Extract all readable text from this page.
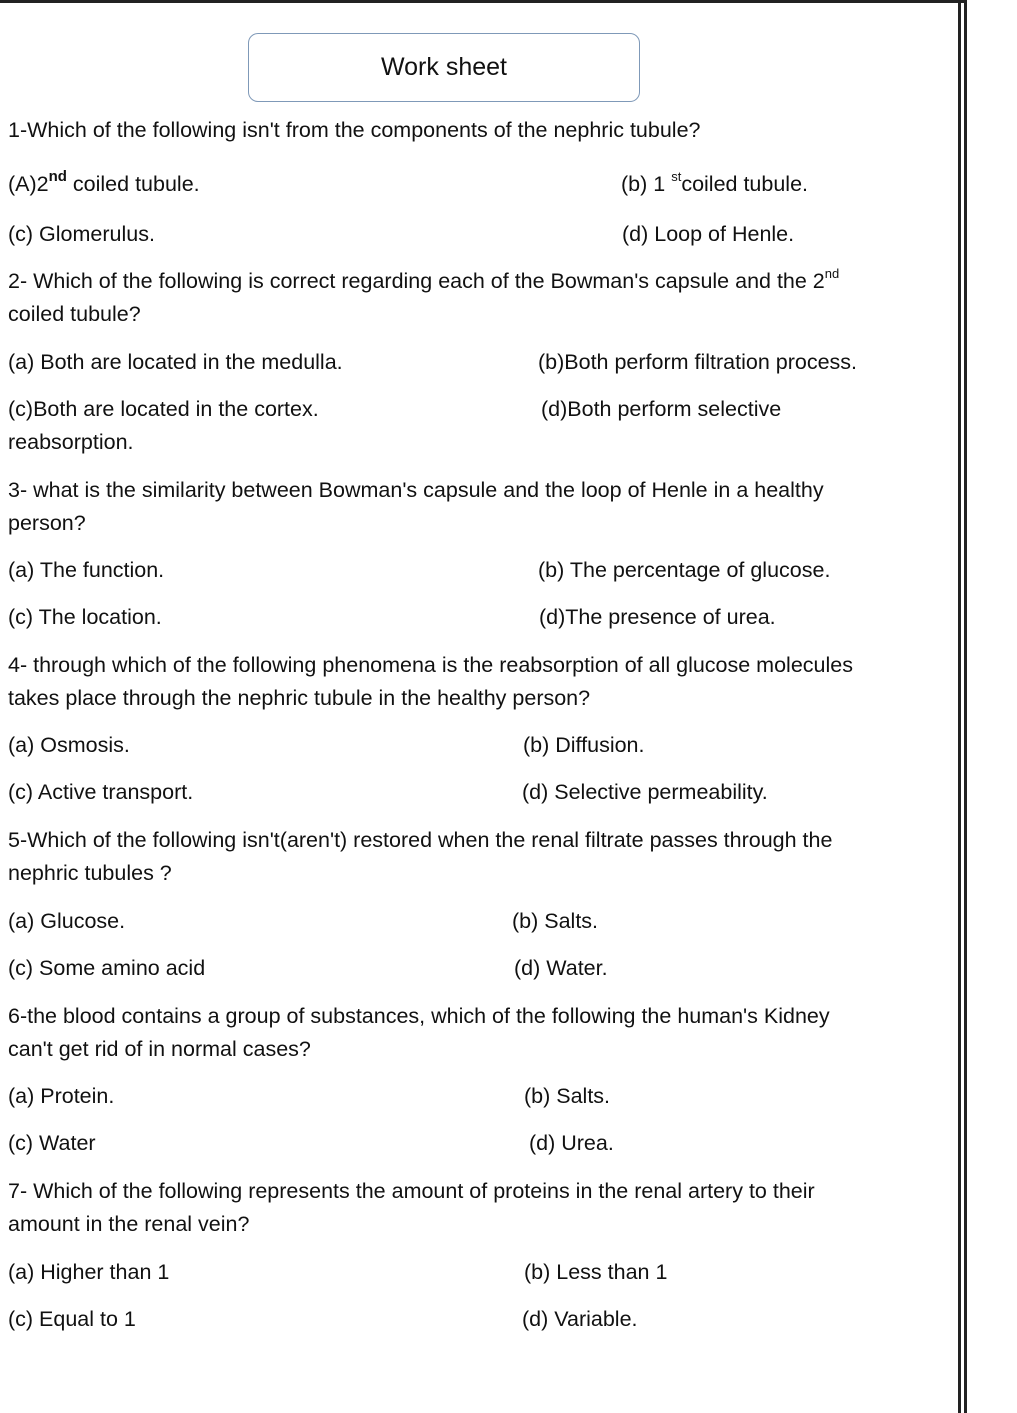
Work sheet
1-Which of the following isn't from the components of the nephric tubule?
(A)2nd coiled tubule.	(b) 1 $^{st}$coiled tubule.
(c) Glomerulus.	(d) Loop of Henle.
2- Which of the following is correct regarding each of the Bowman's capsule and the 2nd
coiled tubule?
(a) Both are located in the medulla.	(b)Both perform filtration process.
(c)Both are located in the cortex.	(d)Both perform selective
reabsorption.
3- what is the similarity between Bowman's capsule and the loop of Henle in a healthy
person?
(a) The function.	(b) The percentage of glucose.
(c) The location.	(d)The presence of urea.
4- through which of the following phenomena is the reabsorption of all glucose molecules
takes place through the nephric tubule in the healthy person?
(a) Osmosis.	(b) Diffusion.
(c) Active transport.	(d) Selective permeability.
5-Which of the following isn't(aren't) restored when the renal filtrate passes through the
nephric tubules ?
(a) Glucose.	(b) Salts.
(c) Some amino acid	(d) Water.
6-the blood contains a group of substances, which of the following the human's Kidney
can't get rid of in normal cases?
(a) Protein.	(b) Salts.
(c) Water	(d) Urea.
7- Which of the following represents the amount of proteins in the renal artery to their
amount in the renal vein?
(a) Higher than 1	(b) Less than 1
(c) Equal to 1	(d) Variable.
